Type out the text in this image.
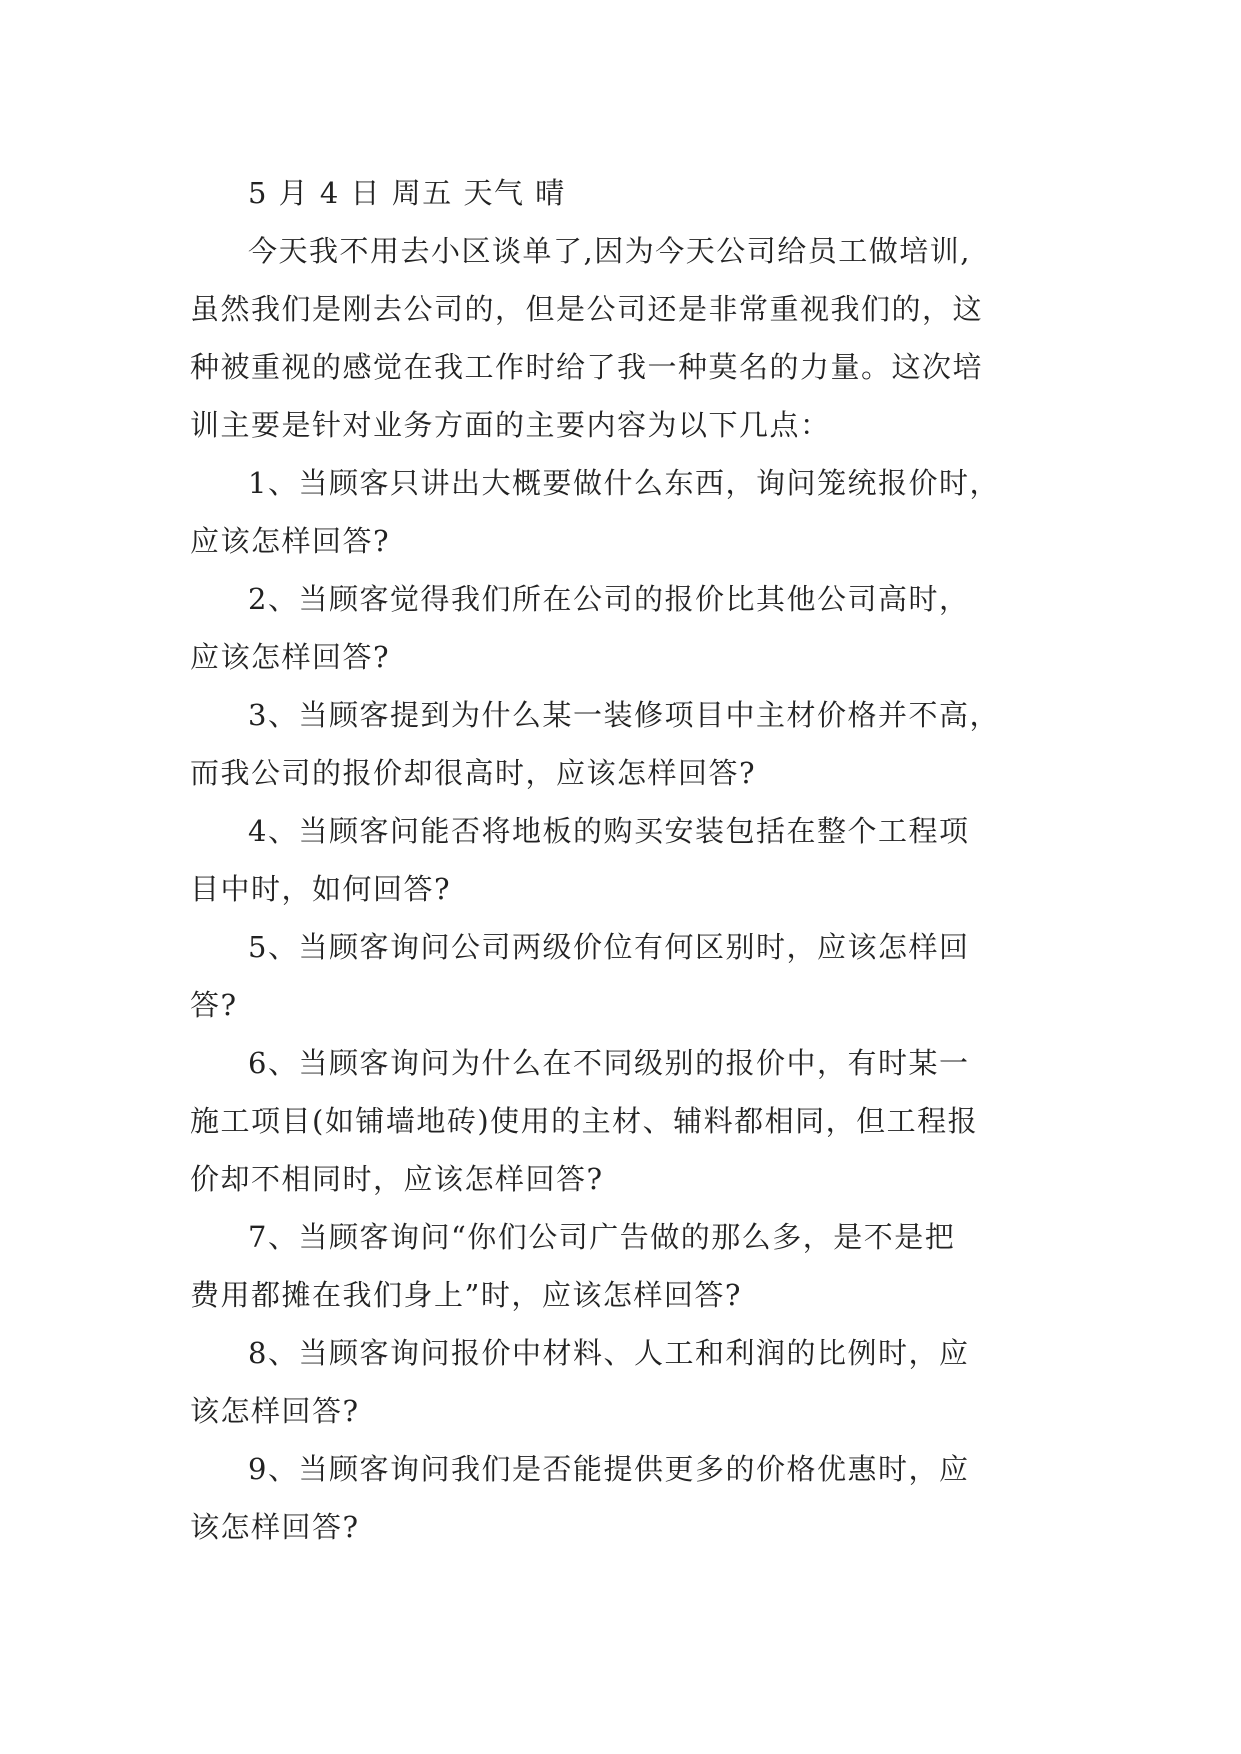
5 月 4 日 周五 天气 晴
今天我不用去小区谈单了,因为今天公司给员工做培训,
虽然我们是刚去公司的，但是公司还是非常重视我们的，这
种被重视的感觉在我工作时给了我一种莫名的力量。这次培
训主要是针对业务方面的主要内容为以下几点：
1、当顾客只讲出大概要做什么东西，询问笼统报价时，
应该怎样回答?
2、当顾客觉得我们所在公司的报价比其他公司高时，
应该怎样回答?
3、当顾客提到为什么某一装修项目中主材价格并不高，
而我公司的报价却很高时，应该怎样回答?
4、当顾客问能否将地板的购买安装包括在整个工程项
目中时，如何回答?
5、当顾客询问公司两级价位有何区别时，应该怎样回
答?
6、当顾客询问为什么在不同级别的报价中，有时某一
施工项目(如铺墙地砖)使用的主材、辅料都相同，但工程报
价却不相同时，应该怎样回答?
7、当顾客询问“你们公司广告做的那么多，是不是把
费用都摊在我们身上”时，应该怎样回答?
8、当顾客询问报价中材料、人工和利润的比例时，应
该怎样回答?
9、当顾客询问我们是否能提供更多的价格优惠时，应
该怎样回答?
